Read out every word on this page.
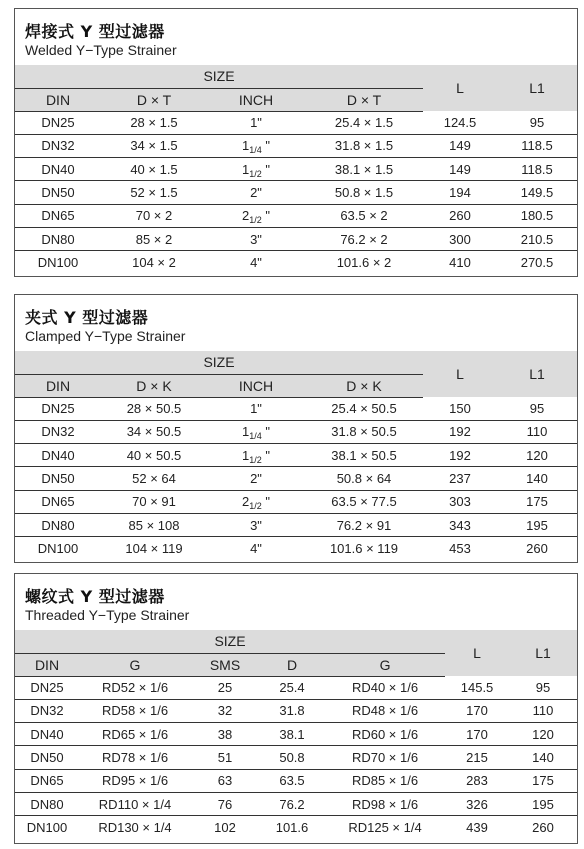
焊接式 Y 型过滤器
Welded Y−Type Strainer
SIZE				L	L1
DIN	D × T	INCH	D × T		
DN25	28 × 1.5	1"	25.4 × 1.5	124.5	95
DN32	34 × 1.5	$1_{1/4}$ "	31.8 × 1.5	149	118.5
DN40	40 × 1.5	$1_{1/2}$ "	38.1 × 1.5	149	118.5
DN50	52 × 1.5	2"	50.8 × 1.5	194	149.5
DN65	70 × 2	$2_{1/2}$ "	63.5 × 2	260	180.5
DN80	85 × 2	3"	76.2 × 2	300	210.5
DN100	104 × 2	4"	101.6 × 2	410	270.5
夹式 Y 型过滤器
Clamped Y−Type Strainer
SIZE				L	L1
DIN	D × K	INCH	D × K		
DN25	28 × 50.5	1"	25.4 × 50.5	150	95
DN32	34 × 50.5	$1_{1/4}$ "	31.8 × 50.5	192	110
DN40	40 × 50.5	$1_{1/2}$ "	38.1 × 50.5	192	120
DN50	52 × 64	2"	50.8 × 64	237	140
DN65	70 × 91	$2_{1/2}$ "	63.5 × 77.5	303	175
DN80	85 × 108	3"	76.2 × 91	343	195
DN100	104 × 119	4"	101.6 × 119	453	260
螺纹式 Y 型过滤器
Threaded Y−Type Strainer
SIZE					L	L1
DIN	G	SMS	D	G		
DN25	RD52 × 1/6	25	25.4	RD40 × 1/6	145.5	95
DN32	RD58 × 1/6	32	31.8	RD48 × 1/6	170	110
DN40	RD65 × 1/6	38	38.1	RD60 × 1/6	170	120
DN50	RD78 × 1/6	51	50.8	RD70 × 1/6	215	140
DN65	RD95 × 1/6	63	63.5	RD85 × 1/6	283	175
DN80	RD110 × 1/4	76	76.2	RD98 × 1/6	326	195
DN100	RD130 × 1/4	102	101.6	RD125 × 1/4	439	260
